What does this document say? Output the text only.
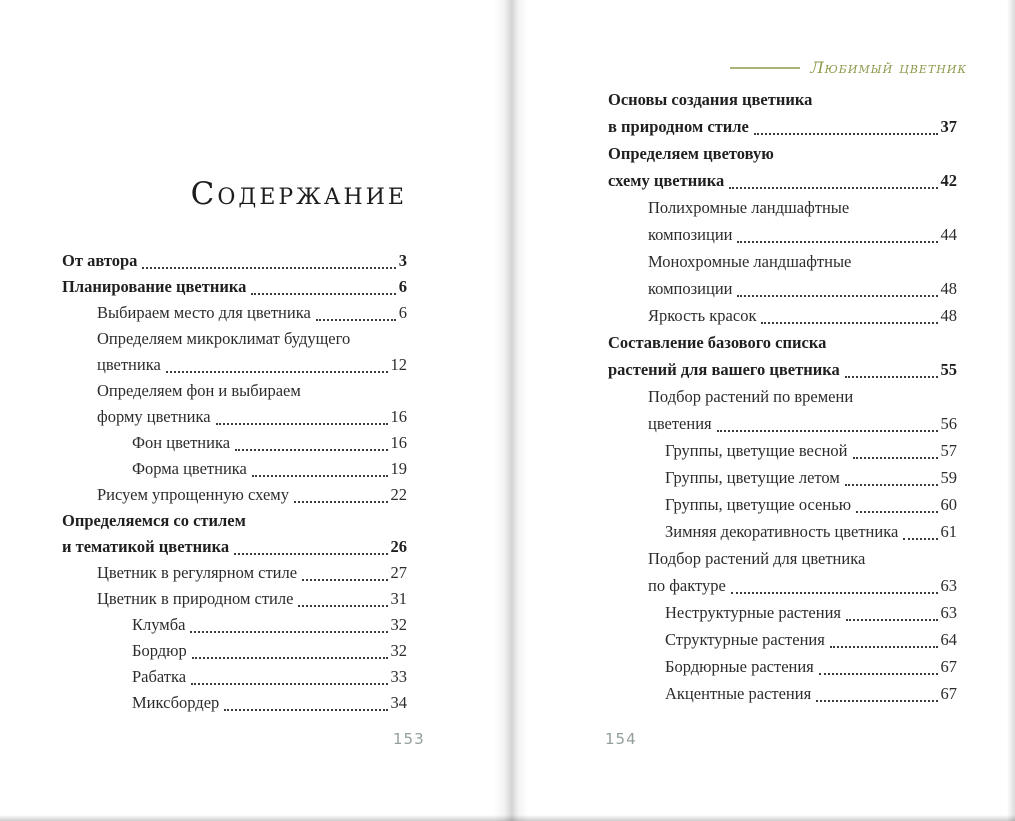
Содержание
От автора	3
Планирование цветника	6
Выбираем место для цветника	6
Определяем микроклимат будущего
цветника	12
Определяем фон и выбираем
форму цветника	16
Фон цветника	16
Форма цветника	19
Рисуем упрощенную схему	22
Определяемся со стилем
и тематикой цветника	26
Цветник в регулярном стиле	27
Цветник в природном стиле	31
Клумба	32
Бордюр	32
Рабатка	33
Миксбордер	34
153
Любимый цветник
Основы создания цветника
в природном стиле	37
Определяем цветовую
схему цветника	42
Полихромные ландшафтные
композиции	44
Монохромные ландшафтные
композиции	48
Яркость красок	48
Составление базового списка
растений для вашего цветника	55
Подбор растений по времени
цветения	56
Группы, цветущие весной	57
Группы, цветущие летом	59
Группы, цветущие осенью	60
Зимняя декоративность цветника	61
Подбор растений для цветника
по фактуре	63
Неструктурные растения	63
Структурные растения	64
Бордюрные растения	67
Акцентные растения	67
154
